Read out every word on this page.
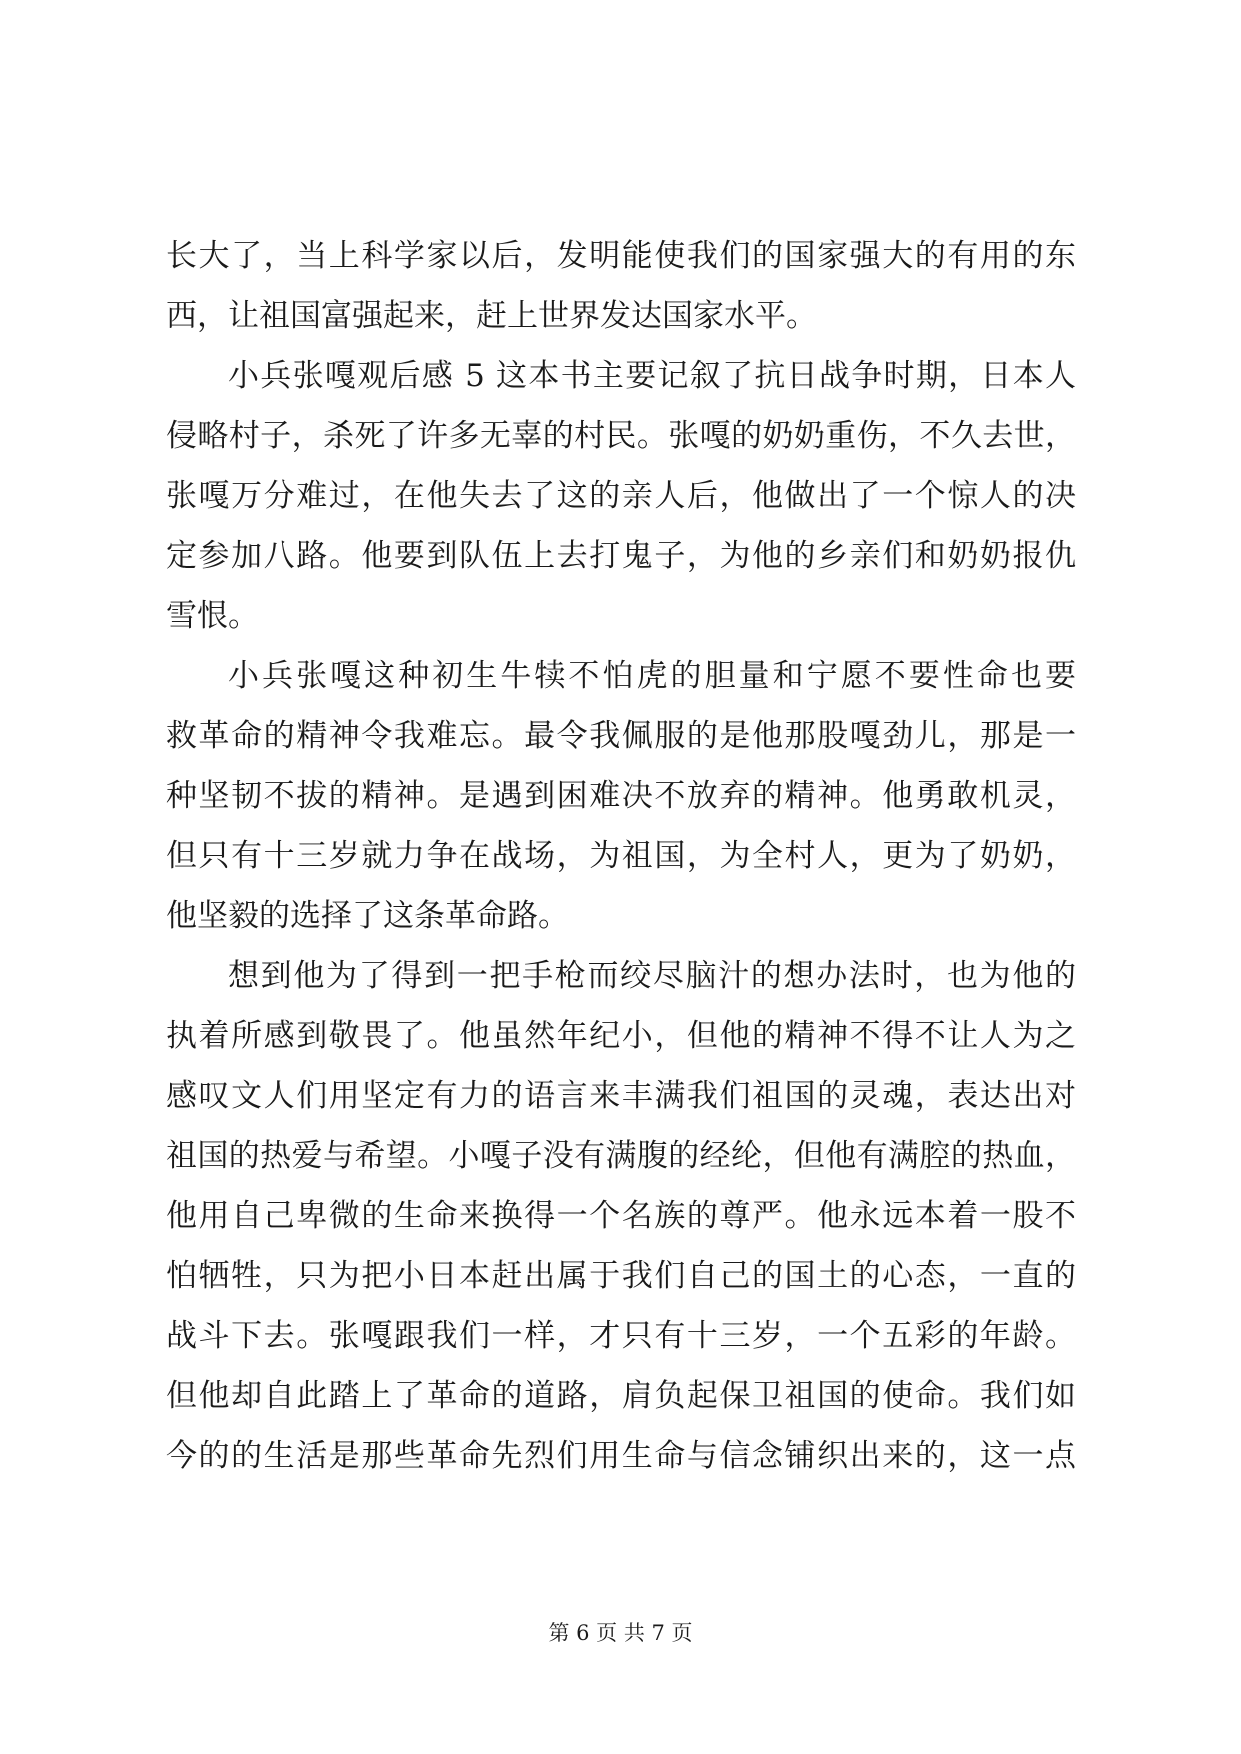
长大了，当上科学家以后，发明能使我们的国家强大的有用的东
西，让祖国富强起来，赶上世界发达国家水平。
小兵张嘎观后感 5 这本书主要记叙了抗日战争时期，日本人
侵略村子，杀死了许多无辜的村民。张嘎的奶奶重伤，不久去世，
张嘎万分难过，在他失去了这的亲人后，他做出了一个惊人的决
定参加八路。他要到队伍上去打鬼子，为他的乡亲们和奶奶报仇
雪恨。
小兵张嘎这种初生牛犊不怕虎的胆量和宁愿不要性命也要
救革命的精神令我难忘。最令我佩服的是他那股嘎劲儿，那是一
种坚韧不拔的精神。是遇到困难决不放弃的精神。他勇敢机灵，
但只有十三岁就力争在战场，为祖国，为全村人，更为了奶奶，
他坚毅的选择了这条革命路。
想到他为了得到一把手枪而绞尽脑汁的想办法时，也为他的
执着所感到敬畏了。他虽然年纪小，但他的精神不得不让人为之
感叹文人们用坚定有力的语言来丰满我们祖国的灵魂，表达出对
祖国的热爱与希望。小嘎子没有满腹的经纶，但他有满腔的热血，
他用自己卑微的生命来换得一个名族的尊严。他永远本着一股不
怕牺牲，只为把小日本赶出属于我们自己的国土的心态，一直的
战斗下去。张嘎跟我们一样，才只有十三岁，一个五彩的年龄。
但他却自此踏上了革命的道路，肩负起保卫祖国的使命。我们如
今的的生活是那些革命先烈们用生命与信念铺织出来的，这一点
第 6 页 共 7 页
